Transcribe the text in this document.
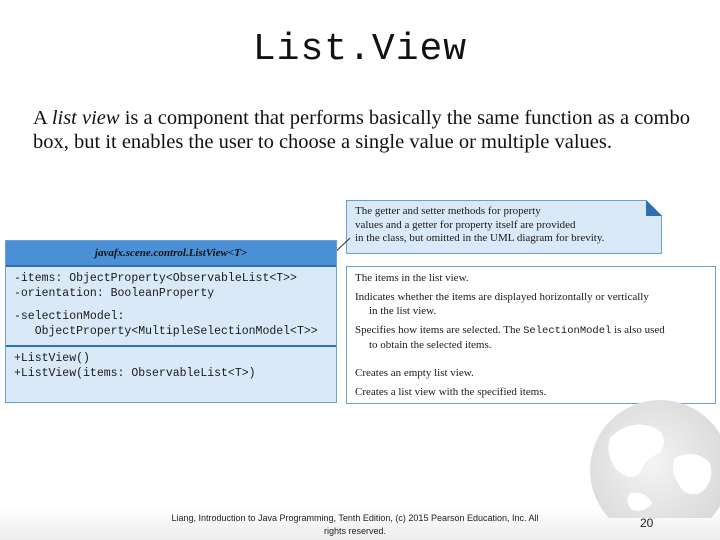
List.View
A list view is a component that performs basically the same function as a combo box, but it enables the user to choose a single value or multiple values.
The getter and setter methods for property
values and a getter for property itself are provided
in the class, but omitted in the UML diagram for brevity.
javafx.scene.control.ListView<T>
-items: ObjectProperty<ObservableList<T>>
-orientation: BooleanProperty
-selectionModel:
ObjectProperty<MultipleSelectionModel<T>>
+ListView()
+ListView(items: ObservableList<T>)
The items in the list view.
Indicates whether the items are displayed horizontally or vertically
in the list view.
Specifies how items are selected. The SelectionModel is also used
to obtain the selected items.
Creates an empty list view.
Creates a list view with the specified items.
Liang, Introduction to Java Programming, Tenth Edition, (c) 2015 Pearson Education, Inc. All
rights reserved.
20
